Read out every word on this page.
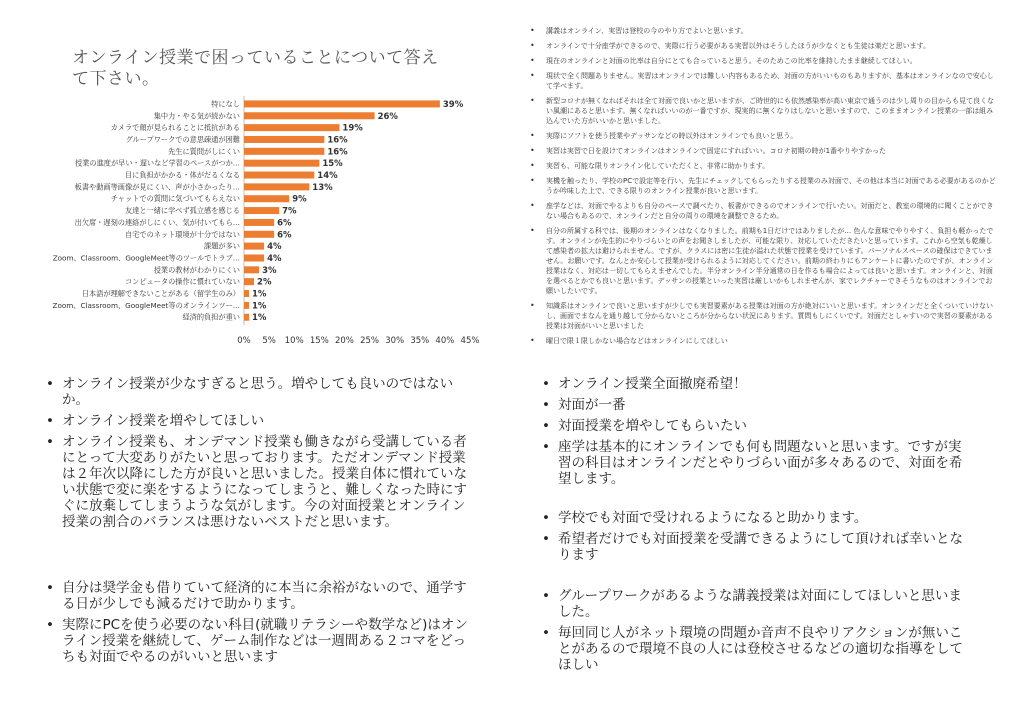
オンライン授業で困っていることについて答えて下さい。
特になし	39%
集中力・やる気が続かない	26%
カメラで顔が見られることに抵抗がある	19%
グループワークでの意思疎通が困難	16%
先生に質問がしにくい	16%
授業の進度が早い・遅いなど学習のペースがつか…	15%
目に負担がかかる・体がだるくなる	14%
板書や動画等画像が見にくい、声が小さかったり…	13%
チャットでの質問に気づいてもらえない	9%
友達と一緒に学べず孤立感を感じる	7%
出欠席・遅刻の連絡がしにくい、気が付いてもら…	6%
自宅でのネット環境が十分ではない	6%
課題が多い	4%
Zoom、Classroom、GoogleMeet等のツールでトラブ…	4%
授業の教材がわかりにくい	3%
コンピュータの操作に慣れていない 2%
日本語が理解できないことがある（留学生のみ） 1%
Zoom、Classroom、GoogleMeet等のオンラインツー… 1%
経済的負担が重い 1%
0% 5% 10% 15% 20% 25% 30% 35% 40% 45%
• 講義はオンライン、実習は登校の今のやり方でよいと思います。
• オンラインで十分座学ができるので、実際に行う必要がある実習以外はそうしたほうが少なくとも生徒は楽だと思います。
• 現在のオンラインと対面の比率は自分にとても合っていると思う。そのためこの比率を維持したまま継続してほしい。
• 現状で全く問題ありません。実習はオンラインでは難しい内容もあるため、対面の方がいいものもありますが、基本はオンラインなので安心して学べます。
• 新型コロナが無くなればそれは全て対面で良いかと思いますが、ご時世的にも依然感染率が高い東京で通うのは少し周りの目からも見て良くない風潮にあると思います。無くなればいいのが一番ですが、現実的に無くなりはしないと思いますので、このままオンライン授業の一部は組み込んでいた方がいいかと思いました。
• 実際にソフトを使う授業やデッサンなどの時以外はオンラインでも良いと思う。
• 実習は実習で日を設けてオンラインはオンラインで固定にすればいい。コロナ初期の時が1番やりやすかった
• 実習も、可能な限りオンライン化していただくと、非常に助かります。
• 実機を触ったり、学校のPCで設定等を行い、先生にチェックしてもらったりする授業のみ対面で、その他は本当に対面である必要があるのかどうか吟味した上で、できる限りのオンライン授業が良いと思います。
• 座学などは、対面でやるよりも自分のペースで調べたり、板書ができるのでオンラインで行いたい。対面だと、教室の環境的に聞くことができない場合もあるので、オンラインだと自分の周りの環境を調整できるため。
• 自分の所属する科では、後期のオンラインはなくなりました。前期も1日だけではありましたが… 色んな意味でやりやすく、負担も軽かったです。オンラインが先生的にやりづらいとの声をお聞きしましたが、可能な限り、対応していただきたいと思っています。これから空気も乾燥して感染者の拡大は避けられません。ですが、クラスには密に生徒が溢れた状態で授業を受けています。パーソナルスペースの確保はできていません。お願いです。なんとか安心して授業が受けられるように対応してください。前期の終わりにもアンケートに書いたのですが、オンライン授業はなく、対応は一切してもらえませんでした。半分オンライン半分通常の日を作るも場合によっては良いと思います。オンラインと、対面を選べるとかでも良いと思います。デッサンの授業といった実習は厳しいかもしれませんが、家でレクチャーできそうなものはオンラインでお願いしたいです。
• 知識系はオンラインで良いと思いますが少しでも実習要素がある授業は対面の方が絶対にいいと思います。オンラインだと全くついていけないし、画面でまなんを通り越して分からないところが分からない状況にあります。質問もしにくいです。対面だとしゃすいので実習の要素がある授業は対面がいいと思いました
• 曜日で限１限しかない場合などはオンラインにしてほしい
• オンライン授業が少なすぎると思う。増やしても良いのではないか。
• オンライン授業を増やしてほしい
• オンライン授業も、オンデマンド授業も働きながら受講している者にとって大変ありがたいと思っております。ただオンデマンド授業は２年次以降にした方が良いと思いました。授業自体に慣れていない状態で変に楽をするようになってしまうと、難しくなった時にすぐに放棄してしまうような気がします。今の対面授業とオンライン授業の割合のバランスは悪けないベストだと思います。
• 自分は奨学金も借りていて経済的に本当に余裕がないので、通学する日が少しでも減るだけで助かります。
• 実際にPCを使う必要のない科目(就職リテラシーや数学など)はオンライン授業を継続して、ゲーム制作などは一週間ある２コマをどっちも対面でやるのがいいと思います
• オンライン授業全面撤廃希望！
• 対面が一番
• 対面授業を増やしてもらいたい
• 座学は基本的にオンラインでも何も問題ないと思います。ですが実習の科目はオンラインだとやりづらい面が多々あるので、対面を希望します。
• 学校でも対面で受けれるようになると助かります。
• 希望者だけでも対面授業を受講できるようにして頂ければ幸いとなります
• グループワークがあるような講義授業は対面にしてほしいと思いました。
• 毎回同じ人がネット環境の問題か音声不良やリアクションが無いことがあるので環境不良の人には登校させるなどの適切な指導をしてほしい
